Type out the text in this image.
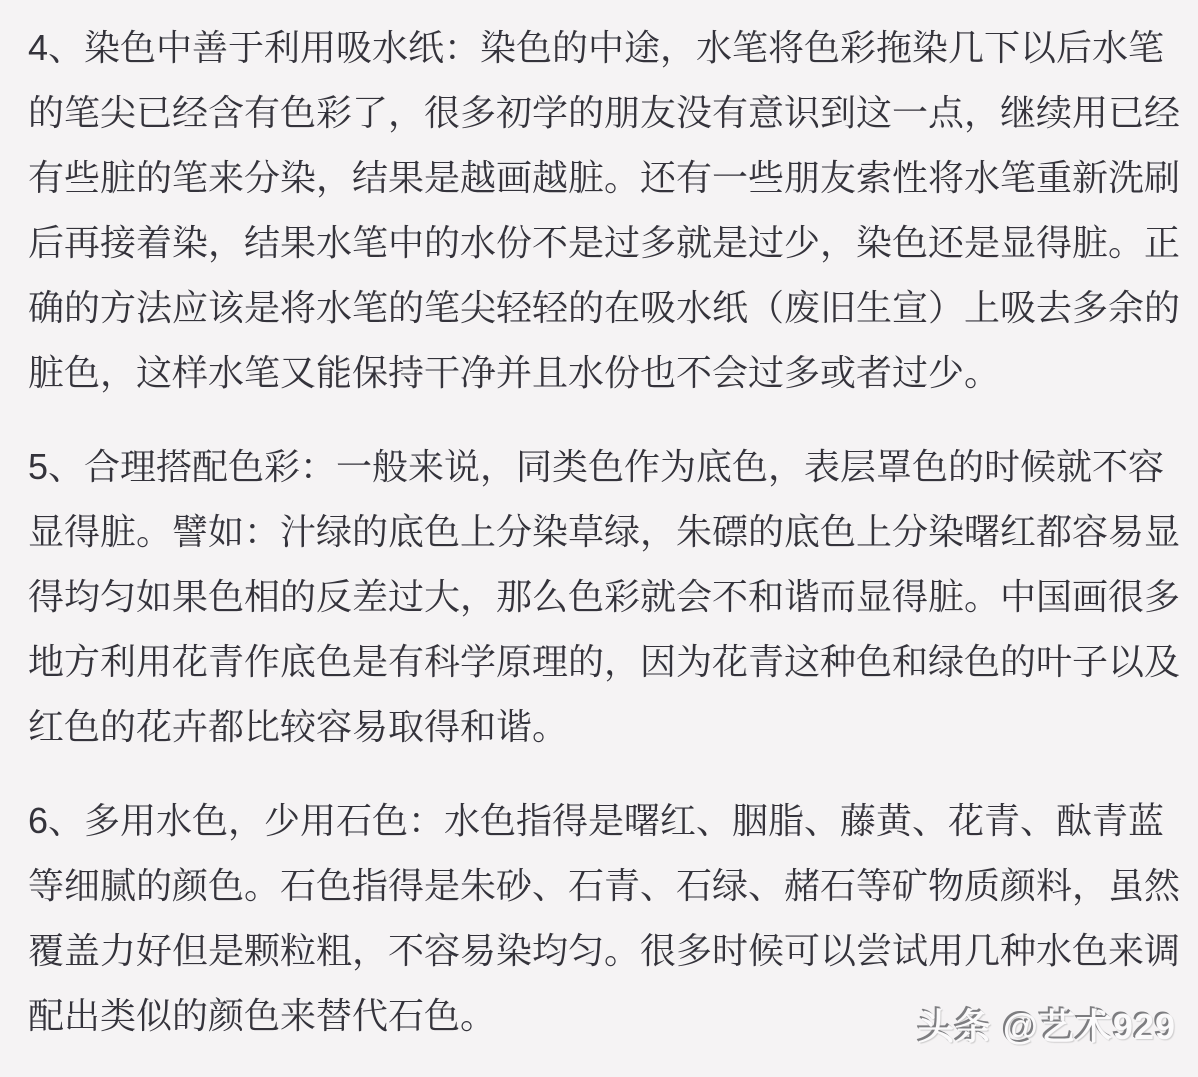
4、染色中善于利用吸水纸：染色的中途，水笔将色彩拖染几下以后水笔
的笔尖已经含有色彩了，很多初学的朋友没有意识到这一点，继续用已经
有些脏的笔来分染，结果是越画越脏。还有一些朋友索性将水笔重新洗刷
后再接着染，结果水笔中的水份不是过多就是过少，染色还是显得脏。正
确的方法应该是将水笔的笔尖轻轻的在吸水纸（废旧生宣）上吸去多余的
脏色，这样水笔又能保持干净并且水份也不会过多或者过少。
5、合理搭配色彩：一般来说，同类色作为底色，表层罩色的时候就不容
显得脏。譬如：汁绿的底色上分染草绿，朱磦的底色上分染曙红都容易显
得均匀如果色相的反差过大，那么色彩就会不和谐而显得脏。中国画很多
地方利用花青作底色是有科学原理的，因为花青这种色和绿色的叶子以及
红色的花卉都比较容易取得和谐。
6、多用水色，少用石色：水色指得是曙红、胭脂、藤黄、花青、酞青蓝
等细腻的颜色。石色指得是朱砂、石青、石绿、赭石等矿物质颜料，虽然
覆盖力好但是颗粒粗，不容易染均匀。很多时候可以尝试用几种水色来调
配出类似的颜色来替代石色。	头条 @艺术929
